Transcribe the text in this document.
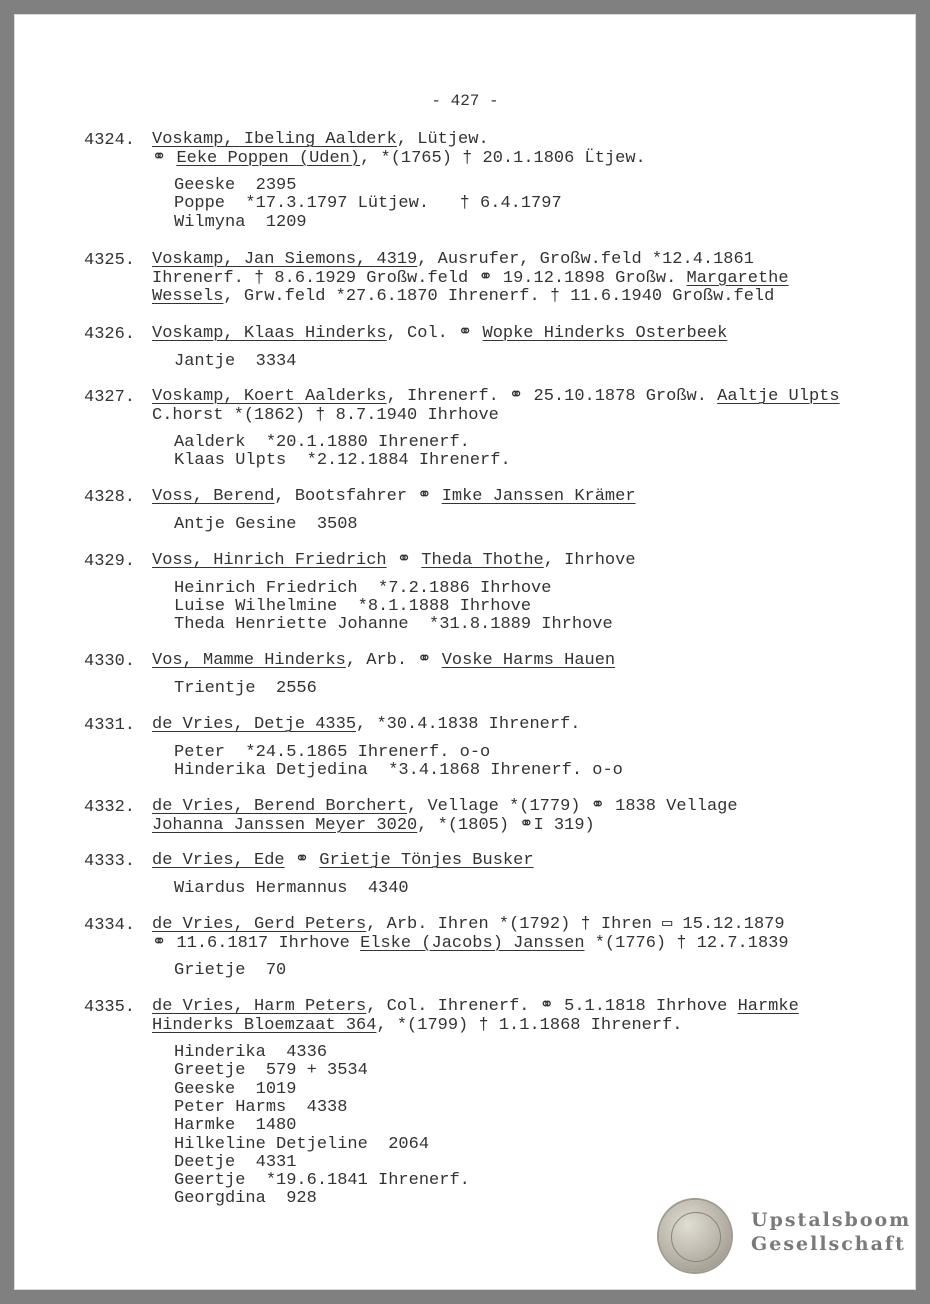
- 427 -
4324. Voskamp, Ibeling Aalderk, Lütjew.
⚭ Eeke Poppen (Uden), *(1765) † 20.1.1806 L̈̈tjew.
Geeske  2395
Poppe  *17.3.1797 Lütjew.   † 6.4.1797
Wilmyna  1209
4325. Voskamp, Jan Siemons, 4319, Ausrufer, Großw.feld *12.4.1861
Ihrenerf. † 8.6.1929 Großw.feld ⚭ 19.12.1898 Großw. Margarethe
Wessels, Grw.feld *27.6.1870 Ihrenerf. † 11.6.1940 Großw.feld
4326. Voskamp, Klaas Hinderks, Col. ⚭ Wopke Hinderks Osterbeek
Jantje  3334
4327. Voskamp, Koert Aalderks, Ihrenerf. ⚭ 25.10.1878 Großw. Aaltje Ulpts
C.horst *(1862) † 8.7.1940 Ihrhove
Aalderk  *20.1.1880 Ihrenerf.
Klaas Ulpts  *2.12.1884 Ihrenerf.
4328. Voss, Berend, Bootsfahrer ⚭ Imke Janssen Krämer
Antje Gesine  3508
4329. Voss, Hinrich Friedrich ⚭ Theda Thothe, Ihrhove
Heinrich Friedrich  *7.2.1886 Ihrhove
Luise Wilhelmine  *8.1.1888 Ihrhove
Theda Henriette Johanne  *31.8.1889 Ihrhove
4330. Vos, Mamme Hinderks, Arb. ⚭ Voske Harms Hauen
Trientje  2556
4331. de Vries, Detje 4335, *30.4.1838 Ihrenerf.
Peter  *24.5.1865 Ihrenerf. o-o
Hinderika Detjedina  *3.4.1868 Ihrenerf. o-o
4332. de Vries, Berend Borchert, Vellage *(1779) ⚭ 1838 Vellage
Johanna Janssen Meyer 3020, *(1805) ⚭I 319)
4333. de Vries, Ede ⚭ Grietje Tönjes Busker
Wiardus Hermannus  4340
4334. de Vries, Gerd Peters, Arb. Ihren *(1792) † Ihren ▭ 15.12.1879
⚭ 11.6.1817 Ihrhove Elske (Jacobs) Janssen *(1776) † 12.7.1839
Grietje  70
4335. de Vries, Harm Peters, Col. Ihrenerf. ⚭ 5.1.1818 Ihrhove Harmke
Hinderks Bloemzaat 364, *(1799) † 1.1.1868 Ihrenerf.
Hinderika  4336
Greetje  579 + 3534
Geeske  1019
Peter Harms  4338
Harmke  1480
Hilkeline Detjeline  2064
Deetje  4331
Geertje  *19.6.1841 Ihrenerf.
Georgdina  928
Upstalsboom
Gesellschaft
